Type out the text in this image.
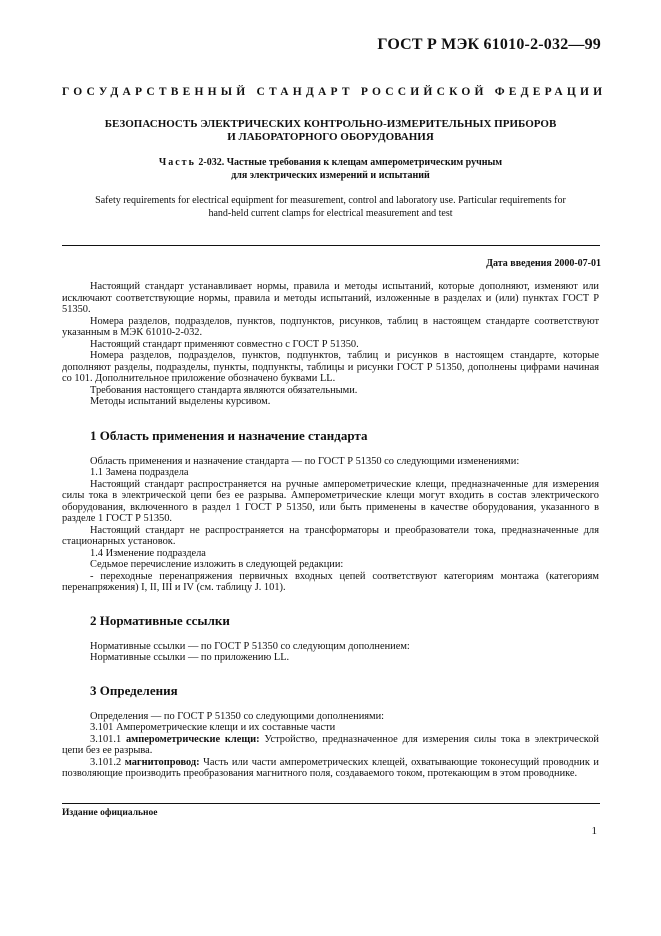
ГОСТ Р МЭК 61010-2-032—99
ГОСУДАРСТВЕННЫЙ СТАНДАРТ РОССИЙСКОЙ ФЕДЕРАЦИИ
БЕЗОПАСНОСТЬ ЭЛЕКТРИЧЕСКИХ КОНТРОЛЬНО-ИЗМЕРИТЕЛЬНЫХ ПРИБОРОВ
И ЛАБОРАТОРНОГО ОБОРУДОВАНИЯ
Часть 2-032. Частные требования к клещам амперометрическим ручным
для электрических измерений и испытаний
Safety requirements for electrical equipment for measurement, control and laboratory use. Particular requirements for
hand-held current clamps for electrical measurement and test
Дата введения 2000-07-01

Настоящий стандарт устанавливает нормы, правила и методы испытаний, которые дополняют, изменяют или исключают соответствующие нормы, правила и методы испытаний, изложенные в разделах и (или) пунктах ГОСТ Р 51350.

Номера разделов, подразделов, пунктов, подпунктов, рисунков, таблиц в настоящем стандарте соответствуют указанным в МЭК 61010-2-032.

Настоящий стандарт применяют совместно с ГОСТ Р 51350.

Номера разделов, подразделов, пунктов, подпунктов, таблиц и рисунков в настоящем стандарте, которые дополняют разделы, подразделы, пункты, подпункты, таблицы и рисунки ГОСТ Р 51350, дополнены цифрами начиная со 101. Дополнительное приложение обозначено буквами LL.

Требования настоящего стандарта являются обязательными.

Методы испытаний выделены курсивом.

1 Область применения и назначение стандарта

Область применения и назначение стандарта — по ГОСТ Р 51350 со следующими изменениями:

1.1 Замена подраздела

Настоящий стандарт распространяется на ручные амперометрические клещи, предназначенные для измерения силы тока в электрической цепи без ее разрыва. Амперометрические клещи могут входить в состав электрического оборудования, включенного в раздел 1 ГОСТ Р 51350, или быть применены в качестве оборудования, указанного в разделе 1 ГОСТ Р 51350.

Настоящий стандарт не распространяется на трансформаторы и преобразователи тока, предназначенные для стационарных установок.

1.4 Изменение подраздела

Седьмое перечисление изложить в следующей редакции:

- переходные перенапряжения первичных входных цепей соответствуют категориям монтажа (категориям перенапряжения) I, II, III и IV (см. таблицу J. 101).

2 Нормативные ссылки

Нормативные ссылки — по ГОСТ Р 51350 со следующим дополнением:

Нормативные ссылки — по приложению LL.

3 Определения

Определения — по ГОСТ Р 51350 со следующими дополнениями:

3.101 Амперометрические клещи и их составные части

3.101.1 амперометрические клещи: Устройство, предназначенное для измерения силы тока в электрической цепи без ее разрыва.

3.101.2 магнитопровод: Часть или части амперометрических клещей, охватывающие токонесущий проводник и позволяющие производить преобразования магнитного поля, создаваемого током, протекающим в этом проводнике.

Издание официальное
1
